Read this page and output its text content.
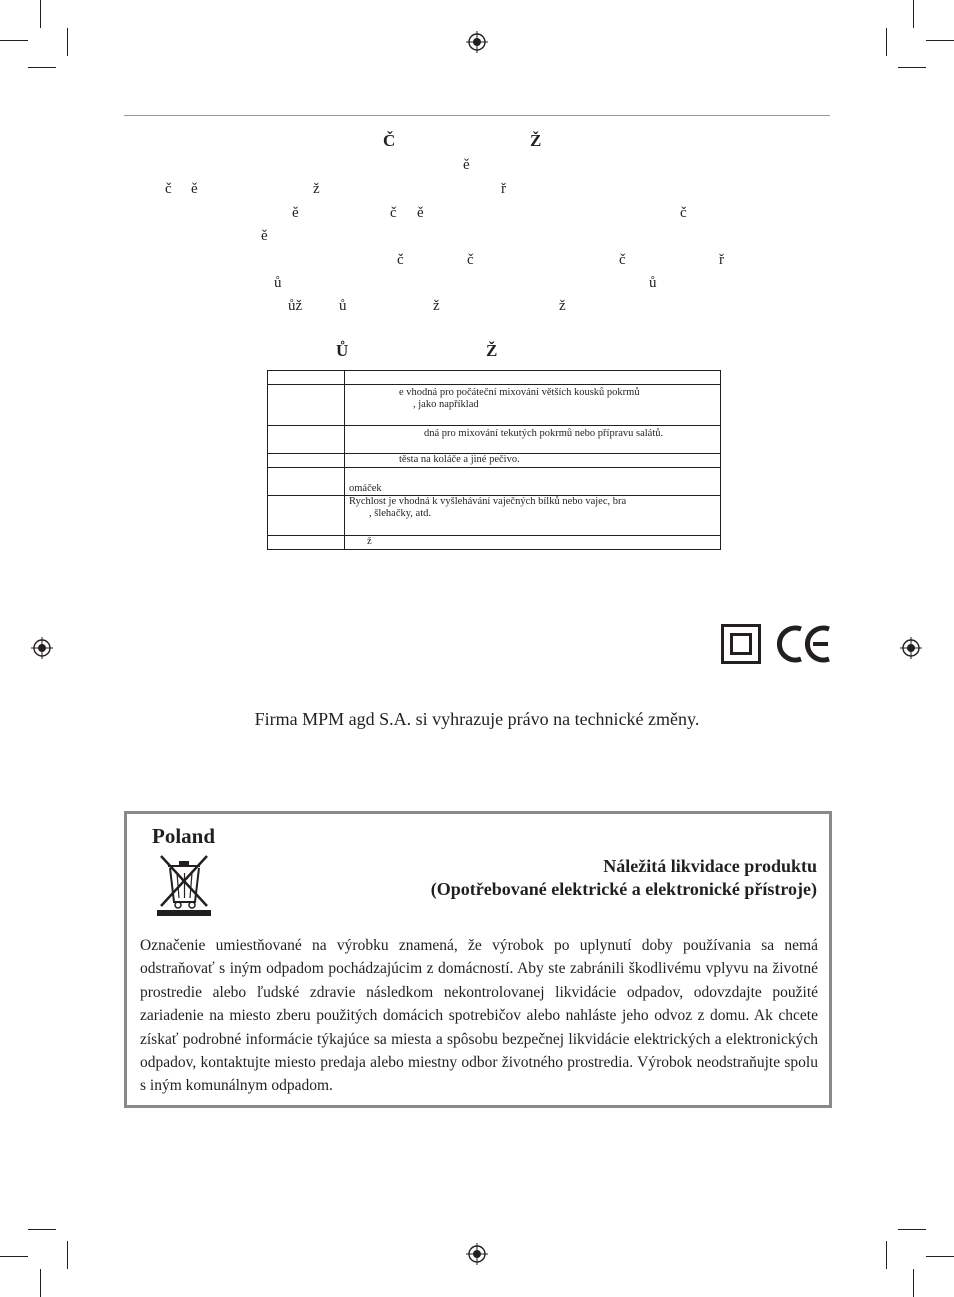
Č	Ž
ě
č ě	ž	ř
ě	č ě	č
ě
č	č	č	ř
ů	ů
ůž ů	ž	ž
Ů	Ž

	e vhodná pro počáteční mixování větších kousků pokrmů
, jako například

	dná pro mixování tekutých pokrmů nebo přípravu salátů.

	těsta na koláče a jiné pečivo.

	omáček

	Rychlost je vhodná k vyšlehávání vaječných bílků nebo vajec, bra
, šlehačky, atd.

	ž
Firma MPM agd S.A. si vyhrazuje právo na technické změny.
Poland
Náležitá likvidace produktu
(Opotřebované elektrické a elektronické přístroje)
Označenie umiestňované na výrobku znamená, že výrobok po uplynutí doby používania sa nemá odstraňovať s iným odpadom pochádzajúcim z domácností. Aby ste zabránili škodlivému vplyvu na životné prostredie alebo ľudské zdravie následkom nekontrolovanej likvidácie odpadov, odovzdajte použité zariadenie na miesto zberu použitých domácich spotrebičov alebo nahláste jeho odvoz z domu. Ak chcete získať podrobné informácie týkajúce sa miesta a spôsobu bezpečnej likvidácie elektrických a elektronických odpadov, kontaktujte miesto predaja alebo miestny odbor životného prostredia. Výrobok neodstraňujte spolu s iným komunálnym odpadom.
